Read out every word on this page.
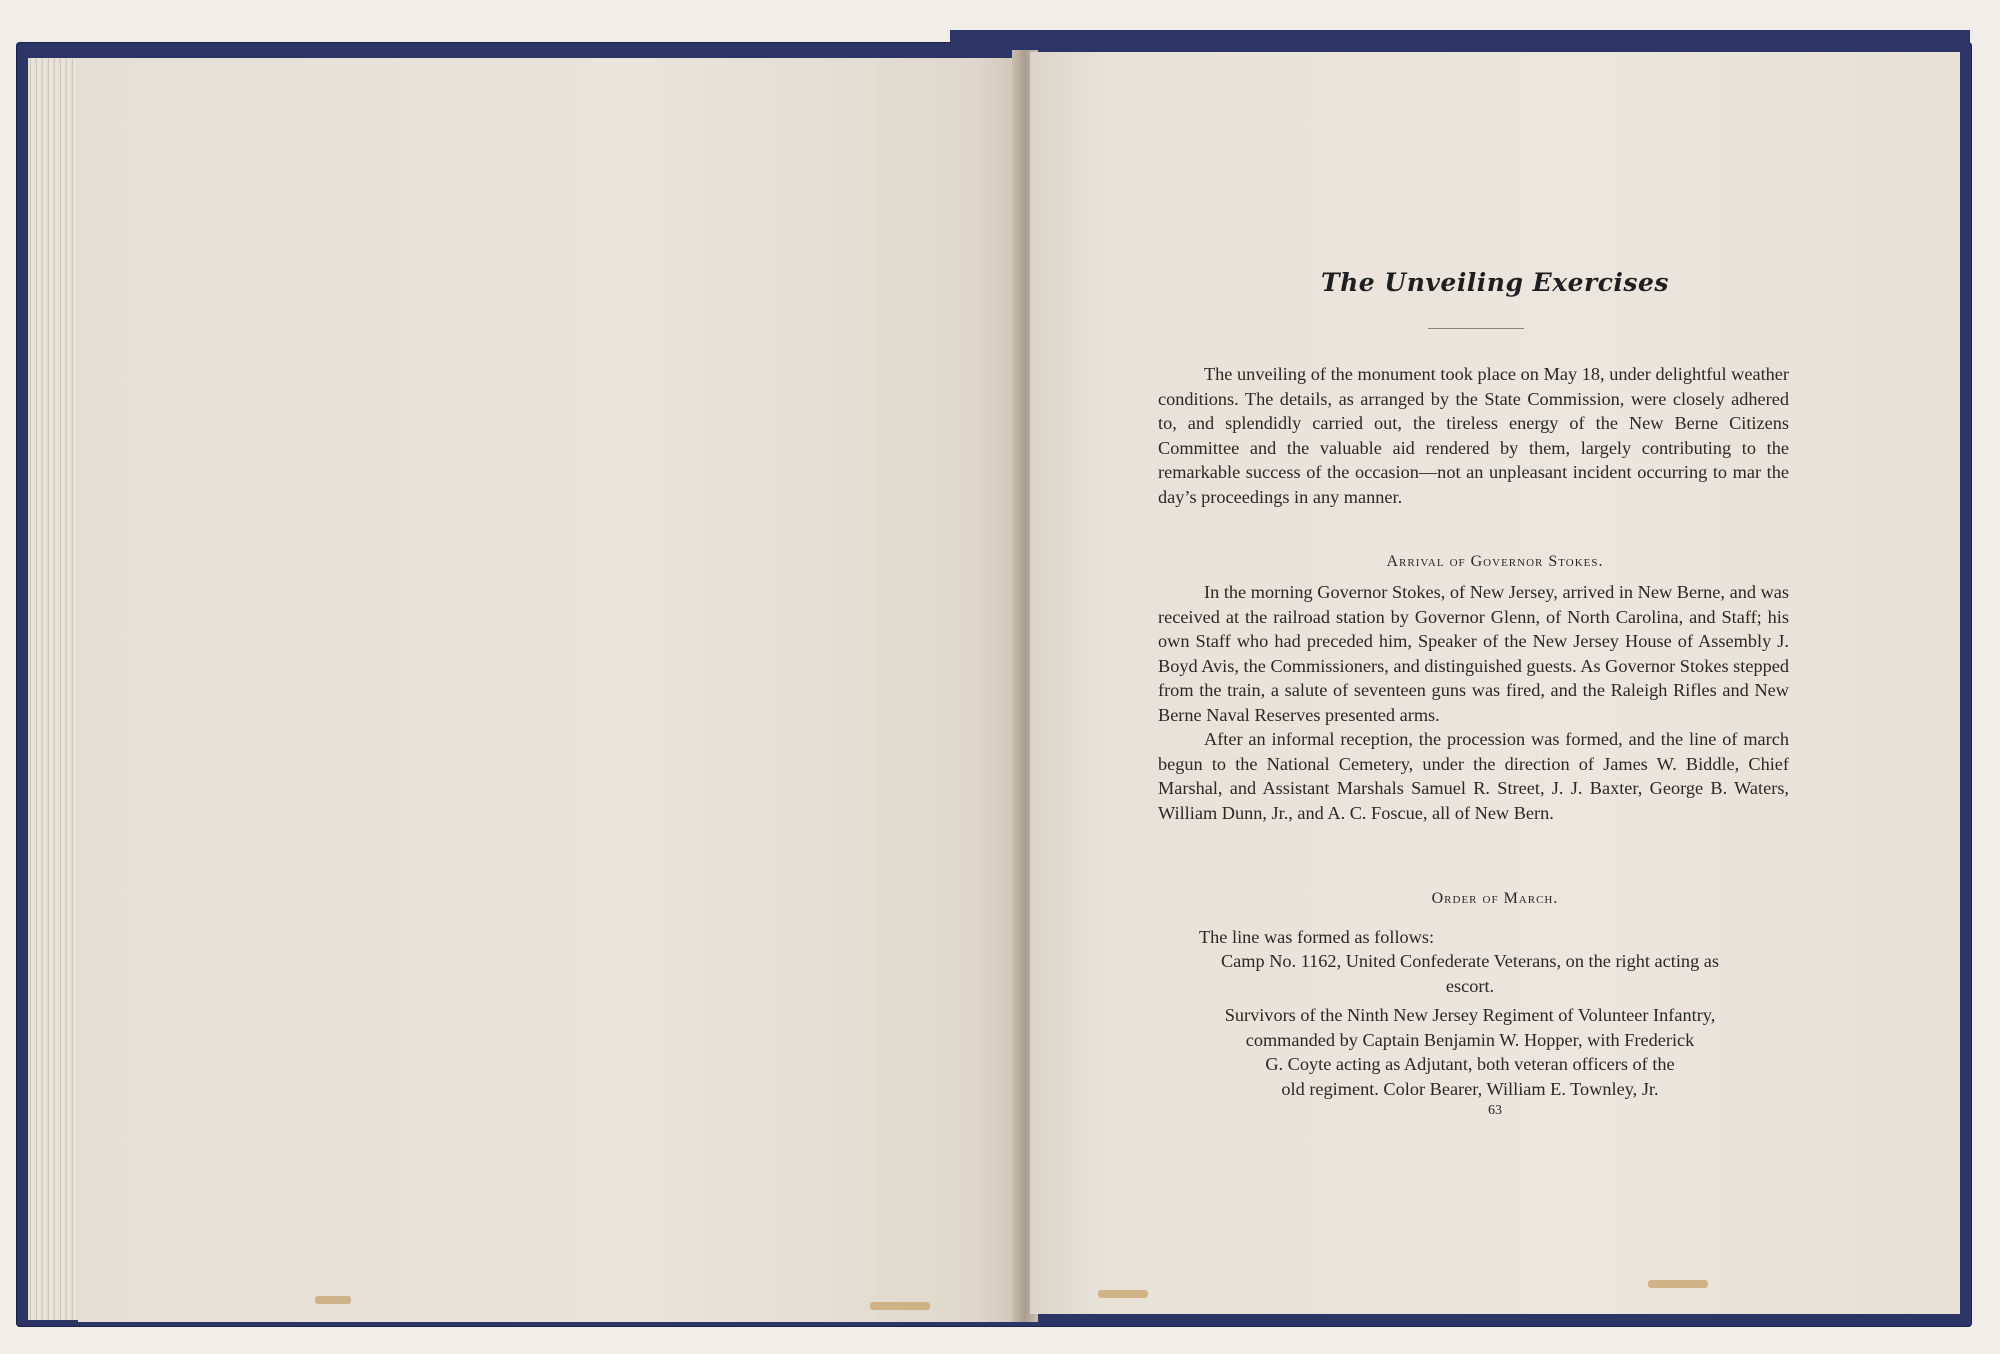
The Unveiling Exercises

The unveiling of the monument took place on May 18, under delightful weather conditions. The details, as arranged by the State Commission, were closely adhered to, and splendidly carried out, the tireless energy of the New Berne Citizens Committee and the valuable aid rendered by them, largely contributing to the remarkable success of the occasion—not an unpleasant incident occurring to mar the day’s proceedings in any manner.

Arrival of Governor Stokes.

In the morning Governor Stokes, of New Jersey, arrived in New Berne, and was received at the railroad station by Governor Glenn, of North Carolina, and Staff; his own Staff who had preceded him, Speaker of the New Jersey House of Assembly J. Boyd Avis, the Commissioners, and distinguished guests. As Governor Stokes stepped from the train, a salute of seventeen guns was fired, and the Raleigh Rifles and New Berne Naval Reserves presented arms.

After an informal reception, the procession was formed, and the line of march begun to the National Cemetery, under the direction of James W. Biddle, Chief Marshal, and Assistant Marshals Samuel R. Street, J. J. Baxter, George B. Waters, William Dunn, Jr., and A. C. Foscue, all of New Bern.

Order of March.

The line was formed as follows:

Camp No. 1162, United Confederate Veterans, on the right acting as
escort.
Survivors of the Ninth New Jersey Regiment of Volunteer Infantry,
commanded by Captain Benjamin W. Hopper, with Frederick
G. Coyte acting as Adjutant, both veteran officers of the
old regiment. Color Bearer, William E. Townley, Jr.
63
